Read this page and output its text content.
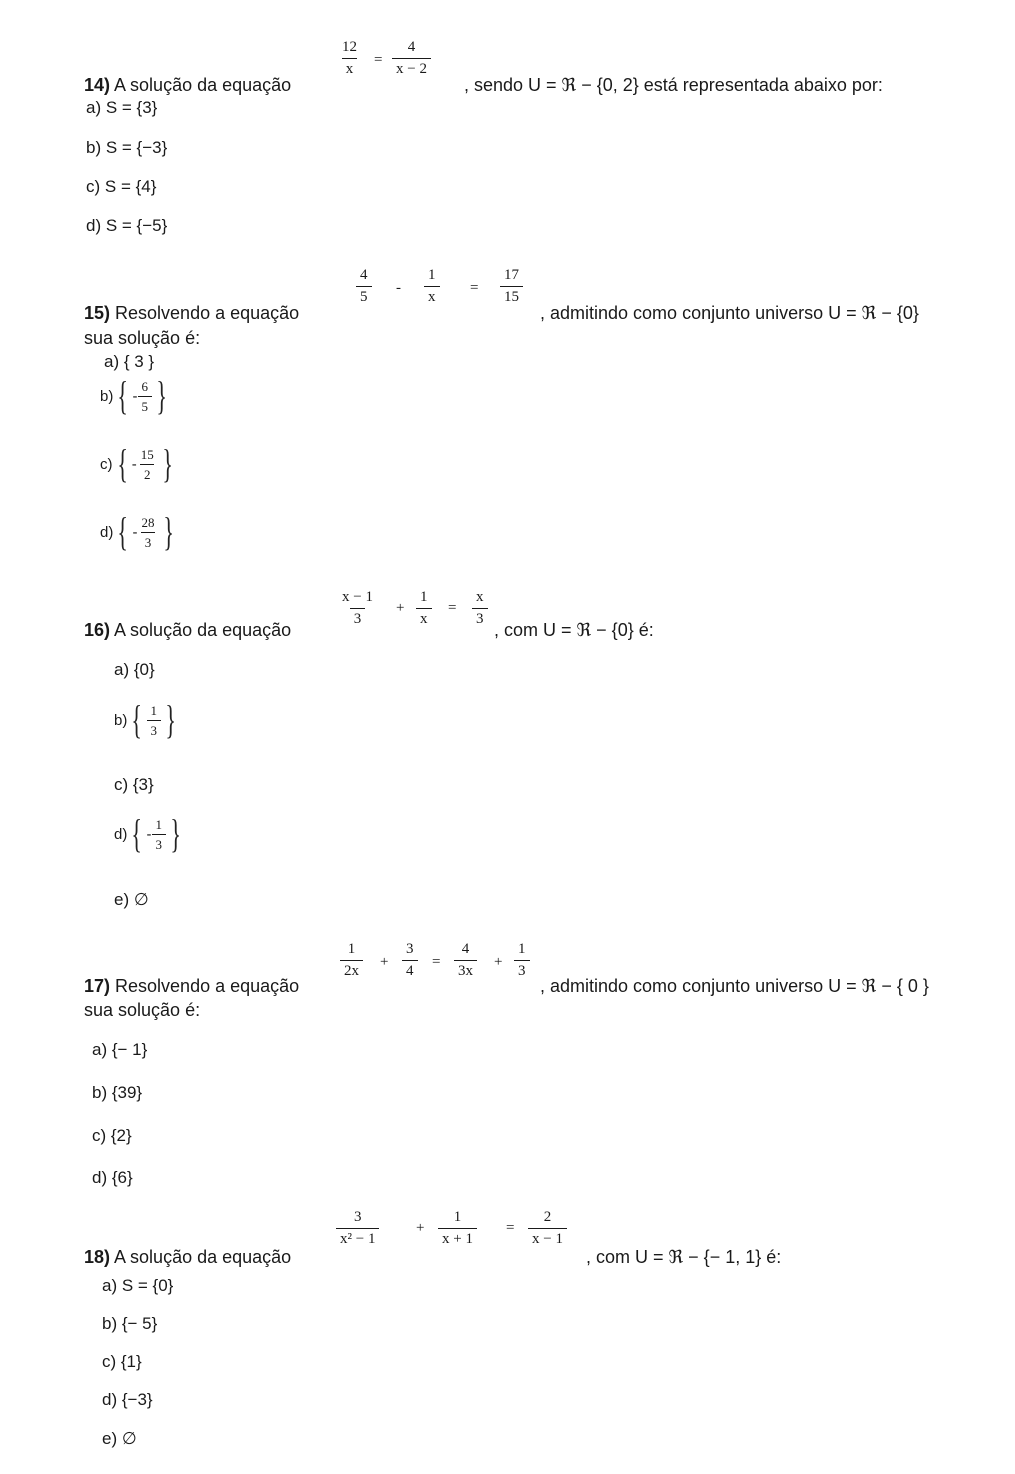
14) A solução da equação
12
x
=
4
x − 2
, sendo U = ℜ − {0, 2} está representada abaixo por:
a) S = {3}
b) S = {−3}
c) S = {4}
d) S = {−5}
15) Resolvendo a equação
4
5
-
1
x
=
17
15
, admitindo como conjunto universo U = ℜ − {0}
sua solução é:
a) { 3 }
b) { -
6
5 }
c) { -
15
2 }
d) { -
28
3 }
16) A solução da equação
x − 1
3
+
1
x
=
x
3
, com U = ℜ − {0} é:
a) {0}
b) { 1
3 }
c) {3}
d) { -
1
3 }
e) ∅
17) Resolvendo a equação
1
2x
+
3
4
=
4
3x
+
1
3
, admitindo como conjunto universo U = ℜ − { 0 }
sua solução é:
a) {− 1}
b) {39}
c) {2}
d) {6}
18) A solução da equação
3
x² − 1
+
1
x + 1
=
2
x − 1
, com U = ℜ − {− 1, 1} é:
a) S = {0}
b) {− 5}
c) {1}
d) {−3}
e) ∅
